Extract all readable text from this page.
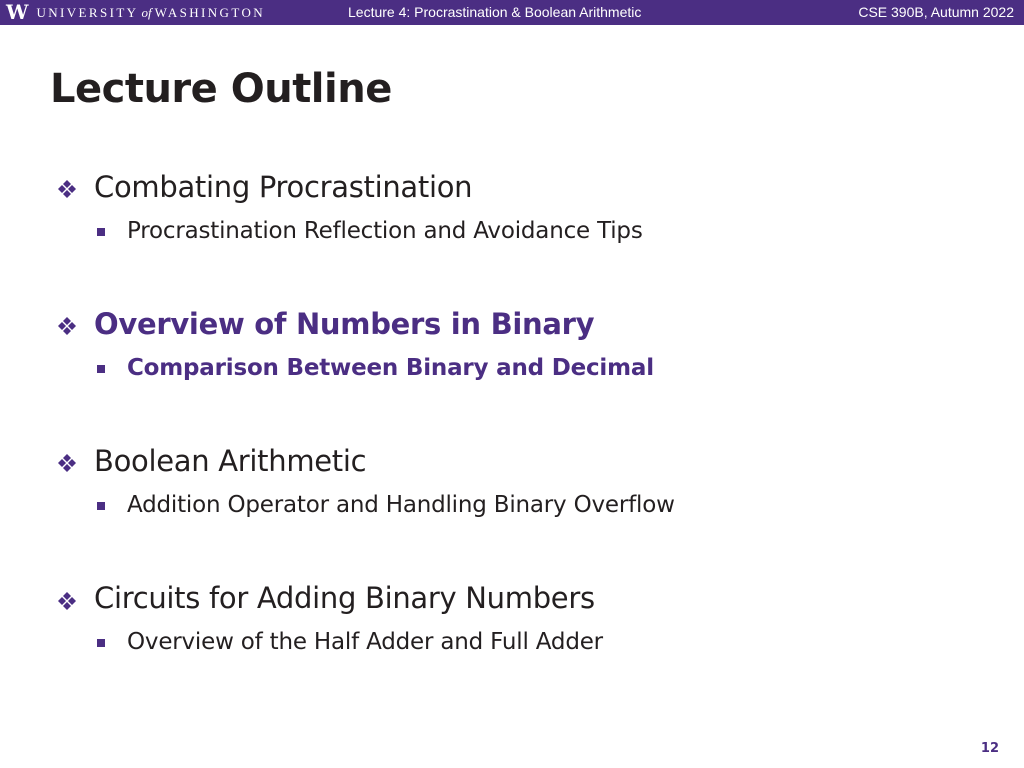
W UNIVERSITY of WASHINGTON	Lecture 4: Procrastination & Boolean Arithmetic	CSE 390B, Autumn 2022
Lecture Outline
Combating Procrastination
Procrastination Reflection and Avoidance Tips
Overview of Numbers in Binary
Comparison Between Binary and Decimal
Boolean Arithmetic
Addition Operator and Handling Binary Overflow
Circuits for Adding Binary Numbers
Overview of the Half Adder and Full Adder
12
